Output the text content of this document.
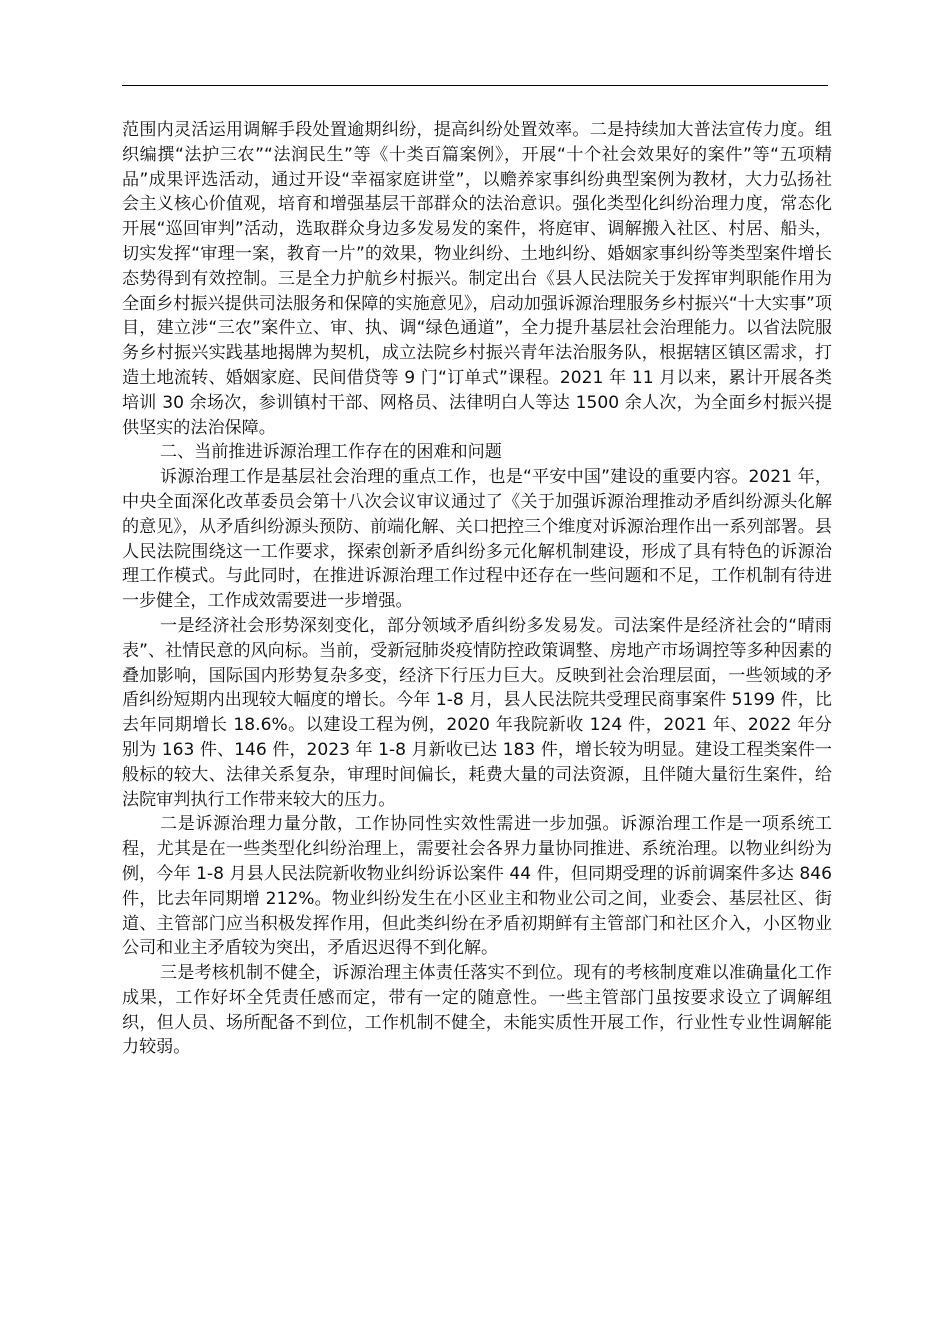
范围内灵活运用调解手段处置逾期纠纷，提高纠纷处置效率。二是持续加大普法宣传力度。组织编撰“法护三农”“法润民生”等《十类百篇案例》，开展“十个社会效果好的案件”等“五项精品”成果评选活动，通过开设“幸福家庭讲堂”，以赡养家事纠纷典型案例为教材，大力弘扬社会主义核心价值观，培育和增强基层干部群众的法治意识。强化类型化纠纷治理力度，常态化开展“巡回审判”活动，选取群众身边多发易发的案件，将庭审、调解搬入社区、村居、船头，切实发挥“审理一案，教育一片”的效果，物业纠纷、土地纠纷、婚姻家事纠纷等类型案件增长态势得到有效控制。三是全力护航乡村振兴。制定出台《县人民法院关于发挥审判职能作用为全面乡村振兴提供司法服务和保障的实施意见》，启动加强诉源治理服务乡村振兴“十大实事”项目，建立涉“三农”案件立、审、执、调“绿色通道”，全力提升基层社会治理能力。以省法院服务乡村振兴实践基地揭牌为契机，成立法院乡村振兴青年法治服务队，根据辖区镇区需求，打造土地流转、婚姻家庭、民间借贷等 9 门“订单式”课程。2021 年 11 月以来，累计开展各类培训 30 余场次，参训镇村干部、网格员、法律明白人等达 1500 余人次，为全面乡村振兴提供坚实的法治保障。

二、当前推进诉源治理工作存在的困难和问题

诉源治理工作是基层社会治理的重点工作，也是“平安中国”建设的重要内容。2021 年，中央全面深化改革委员会第十八次会议审议通过了《关于加强诉源治理推动矛盾纠纷源头化解的意见》，从矛盾纠纷源头预防、前端化解、关口把控三个维度对诉源治理作出一系列部署。县人民法院围绕这一工作要求，探索创新矛盾纠纷多元化解机制建设，形成了具有特色的诉源治理工作模式。与此同时，在推进诉源治理工作过程中还存在一些问题和不足，工作机制有待进一步健全，工作成效需要进一步增强。

一是经济社会形势深刻变化，部分领域矛盾纠纷多发易发。司法案件是经济社会的“晴雨表”、社情民意的风向标。当前，受新冠肺炎疫情防控政策调整、房地产市场调控等多种因素的叠加影响，国际国内形势复杂多变，经济下行压力巨大。反映到社会治理层面，一些领域的矛盾纠纷短期内出现较大幅度的增长。今年 1-8 月，县人民法院共受理民商事案件 5199 件，比去年同期增长 18.6%。以建设工程为例，2020 年我院新收 124 件，2021 年、2022 年分别为 163 件、146 件，2023 年 1-8 月新收已达 183 件，增长较为明显。建设工程类案件一般标的较大、法律关系复杂，审理时间偏长，耗费大量的司法资源，且伴随大量衍生案件，给法院审判执行工作带来较大的压力。

二是诉源治理力量分散，工作协同性实效性需进一步加强。诉源治理工作是一项系统工程，尤其是在一些类型化纠纷治理上，需要社会各界力量协同推进、系统治理。以物业纠纷为例，今年 1-8 月县人民法院新收物业纠纷诉讼案件 44 件，但同期受理的诉前调案件多达 846 件，比去年同期增 212%。物业纠纷发生在小区业主和物业公司之间，业委会、基层社区、街道、主管部门应当积极发挥作用，但此类纠纷在矛盾初期鲜有主管部门和社区介入，小区物业公司和业主矛盾较为突出，矛盾迟迟得不到化解。

三是考核机制不健全，诉源治理主体责任落实不到位。现有的考核制度难以准确量化工作成果，工作好坏全凭责任感而定，带有一定的随意性。一些主管部门虽按要求设立了调解组织，但人员、场所配备不到位，工作机制不健全，未能实质性开展工作，行业性专业性调解能力较弱。
